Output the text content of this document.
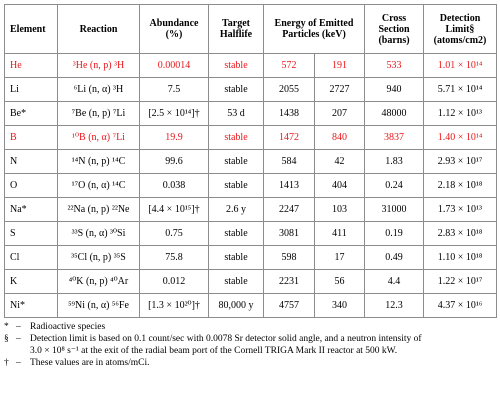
Element	Reaction	Abundance (%)	Target Halflife	Energy of Emitted Particles (keV)		Cross Section (barns)	Detection Limit§ (atoms/cm2)
He	³He (n, p) ³H	0.00014	stable	572	191	533	1.01 × 10¹⁴
Li	⁶Li (n, α) ³H	7.5	stable	2055	2727	940	5.71 × 10¹⁴
Be*	⁷Be (n, p) ⁷Li	[2.5 × 10¹⁴]†	53 d	1438	207	48000	1.12 × 10¹³
B	¹⁰B (n, α) ⁷Li	19.9	stable	1472	840	3837	1.40 × 10¹⁴
N	¹⁴N (n, p) ¹⁴C	99.6	stable	584	42	1.83	2.93 × 10¹⁷
O	¹⁷O (n, α) ¹⁴C	0.038	stable	1413	404	0.24	2.18 × 10¹⁸
Na*	²²Na (n, p) ²²Ne	[4.4 × 10¹⁵]†	2.6 y	2247	103	31000	1.73 × 10¹³
S	³³S (n, α) ³⁰Si	0.75	stable	3081	411	0.19	2.83 × 10¹⁸
Cl	³⁵Cl (n, p) ³⁵S	75.8	stable	598	17	0.49	1.10 × 10¹⁸
K	⁴⁰K (n, p) ⁴⁰Ar	0.012	stable	2231	56	4.4	1.22 × 10¹⁷
Ni*	⁵⁹Ni (n, α) ⁵⁶Fe	[1.3 × 10²⁰]†	80,000 y	4757	340	12.3	4.37 × 10¹⁶
* – Radioactive species
§ – Detection limit is based on 0.1 count/sec with 0.0078 Sr detector solid angle, and a neutron intensity of
3.0 × 10⁸ s⁻¹ at the exit of the radial beam port of the Cornell TRIGA Mark II reactor at 500 kW.
† – These values are in atoms/mCi.
